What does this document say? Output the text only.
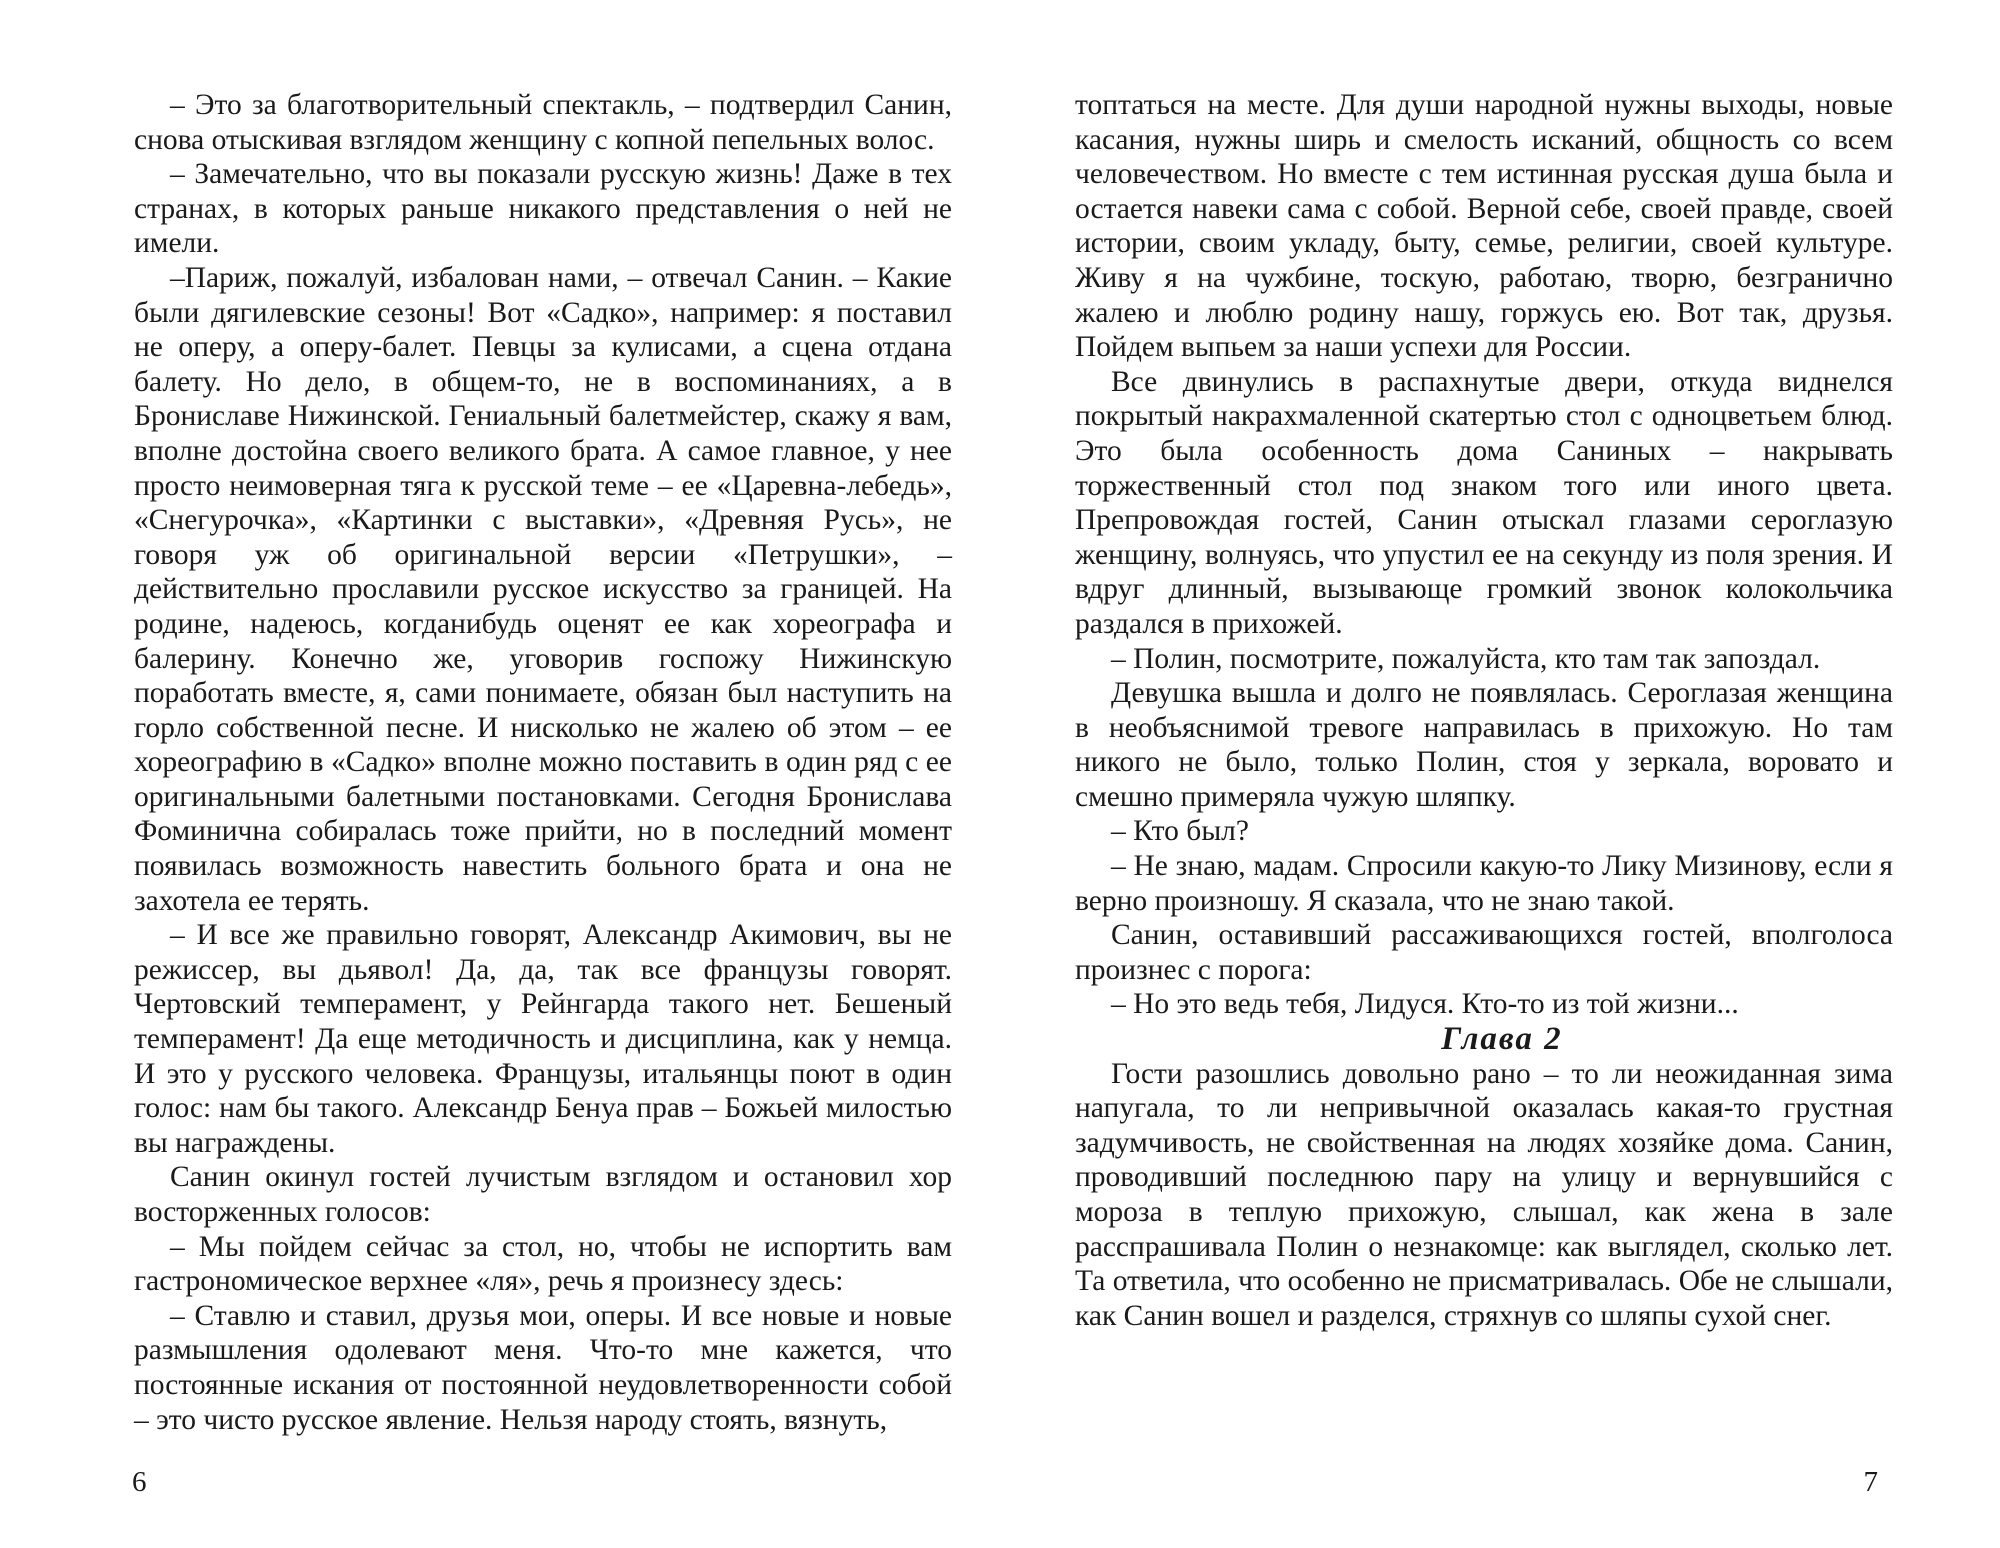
– Это за благотворительный спектакль, – подтвердил Санин, снова отыскивая взглядом женщину с копной пепельных волос.

– Замечательно, что вы показали русскую жизнь! Даже в тех странах, в которых раньше никакого представления о ней не имели.

–Париж, пожалуй, избалован нами, – отвечал Санин. – Какие были дягилевские сезоны! Вот «Садко», например: я поставил не оперу, а оперу-балет. Певцы за кулисами, а сцена отдана балету. Но дело, в общем-то, не в воспоминаниях, а в Брониславе Нижинской. Гениальный балетмейстер, скажу я вам, вполне достойна своего великого брата. А самое главное, у нее просто неимоверная тяга к русской теме – ее «Царевна-лебедь», «Снегурочка», «Картинки с выставки», «Древняя Русь», не говоря уж об оригинальной версии «Петрушки», – действительно прославили русское искусство за границей. На родине, надеюсь, когданибудь оценят ее как хореографа и балерину. Конечно же, уговорив госпожу Нижинскую поработать вместе, я, сами понимаете, обязан был наступить на горло собственной песне. И нисколько не жалею об этом – ее хореографию в «Садко» вполне можно поставить в один ряд с ее оригинальными балетными постановками. Сегодня Бронислава Фоминична собиралась тоже прийти, но в последний момент появилась возможность навестить больного брата и она не захотела ее терять.

– И все же правильно говорят, Александр Акимович, вы не режиссер, вы дьявол! Да, да, так все французы говорят. Чертовский темперамент, у Рейнгарда такого нет. Бешеный темперамент! Да еще методичность и дисциплина, как у немца. И это у русского человека. Французы, итальянцы поют в один голос: нам бы такого. Александр Бенуа прав – Божьей милостью вы награждены.

Санин окинул гостей лучистым взглядом и остановил хор восторженных голосов:

– Мы пойдем сейчас за стол, но, чтобы не испортить вам гастрономическое верхнее «ля», речь я произнесу здесь:

– Ставлю и ставил, друзья мои, оперы. И все новые и новые размышления одолевают меня. Что-то мне кажется, что постоянные искания от постоянной неудовлетворенности собой – это чисто русское явление. Нельзя народу стоять, вязнуть,

6

топтаться на месте. Для души народной нужны выходы, новые касания, нужны ширь и смелость исканий, общность со всем человечеством. Но вместе с тем истинная русская душа была и остается навеки сама с собой. Верной себе, своей правде, своей истории, своим укладу, быту, семье, религии, своей культуре. Живу я на чужбине, тоскую, работаю, творю, безгранично жалею и люблю родину нашу, горжусь ею. Вот так, друзья. Пойдем выпьем за наши успехи для России.

Все двинулись в распахнутые двери, откуда виднелся покрытый накрахмаленной скатертью стол с одноцветьем блюд. Это была особенность дома Саниных – накрывать торжественный стол под знаком того или иного цвета. Препровождая гостей, Санин отыскал глазами сероглазую женщину, волнуясь, что упустил ее на секунду из поля зрения. И вдруг длинный, вызывающе громкий звонок колокольчика раздался в прихожей.

– Полин, посмотрите, пожалуйста, кто там так запоздал.

Девушка вышла и долго не появлялась. Сероглазая женщина в необъяснимой тревоге направилась в прихожую. Но там никого не было, только Полин, стоя у зеркала, воровато и смешно примеряла чужую шляпку.

– Кто был?

– Не знаю, мадам. Спросили какую-то Лику Мизинову, если я верно произношу. Я сказала, что не знаю такой.

Санин, оставивший рассаживающихся гостей, вполголоса произнес с порога:

– Но это ведь тебя, Лидуся. Кто-то из той жизни...

Глава 2

Гости разошлись довольно рано – то ли неожиданная зима напугала, то ли непривычной оказалась какая-то грустная задумчивость, не свойственная на людях хозяйке дома. Санин, проводивший последнюю пару на улицу и вернувшийся с мороза в теплую прихожую, слышал, как жена в зале расспрашивала Полин о незнакомце: как выглядел, сколько лет. Та ответила, что особенно не присматривалась. Обе не слышали, как Санин вошел и разделся, стряхнув со шляпы сухой снег.

7
